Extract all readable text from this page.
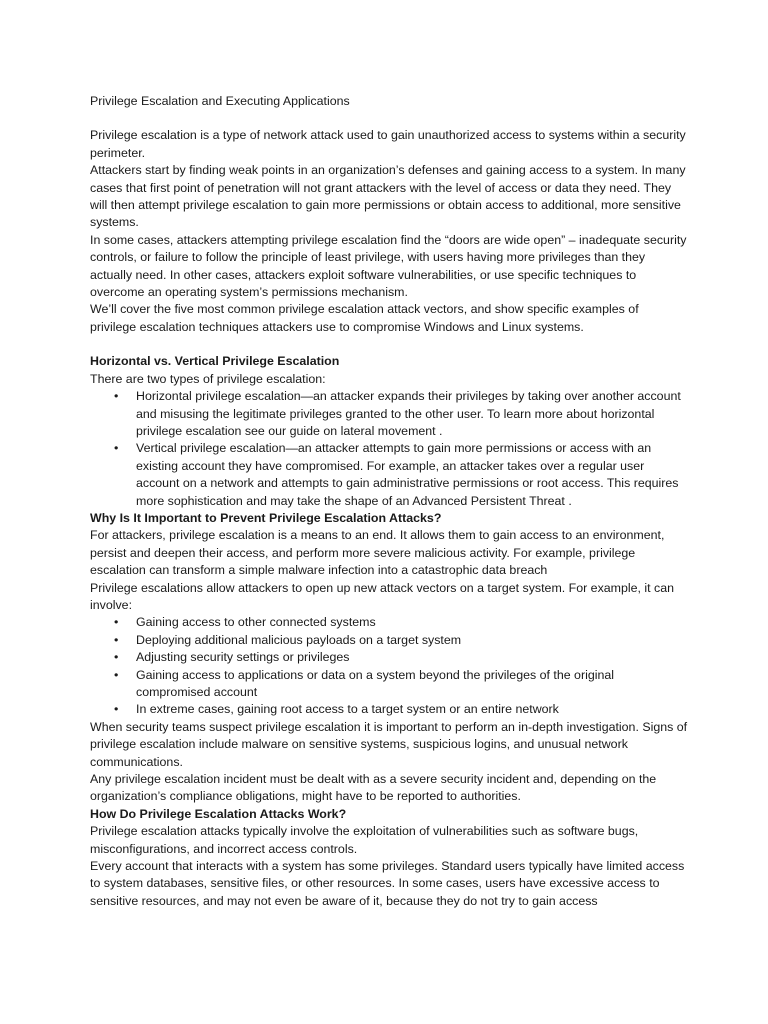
Privilege Escalation and Executing Applications

Privilege escalation is a type of network attack used to gain unauthorized access to systems within a security perimeter.

Attackers start by finding weak points in an organization’s defenses and gaining access to a system. In many cases that first point of penetration will not grant attackers with the level of access or data they need. They will then attempt privilege escalation to gain more permissions or obtain access to additional, more sensitive systems.

In some cases, attackers attempting privilege escalation find the “doors are wide open” – inadequate security controls, or failure to follow the principle of least privilege, with users having more privileges than they actually need. In other cases, attackers exploit software vulnerabilities, or use specific techniques to overcome an operating system’s permissions mechanism.

We’ll cover the five most common privilege escalation attack vectors, and show specific examples of privilege escalation techniques attackers use to compromise Windows and Linux systems.

Horizontal vs. Vertical Privilege Escalation

There are two types of privilege escalation:

• Horizontal privilege escalation—an attacker expands their privileges by taking over another account and misusing the legitimate privileges granted to the other user. To learn more about horizontal privilege escalation see our guide on lateral movement .
• Vertical privilege escalation—an attacker attempts to gain more permissions or access with an existing account they have compromised. For example, an attacker takes over a regular user account on a network and attempts to gain administrative permissions or root access. This requires more sophistication and may take the shape of an Advanced Persistent Threat .
Why Is It Important to Prevent Privilege Escalation Attacks?

For attackers, privilege escalation is a means to an end. It allows them to gain access to an environment, persist and deepen their access, and perform more severe malicious activity. For example, privilege escalation can transform a simple malware infection into a catastrophic data breach

Privilege escalations allow attackers to open up new attack vectors on a target system. For example, it can involve:

• Gaining access to other connected systems
• Deploying additional malicious payloads on a target system
• Adjusting security settings or privileges
• Gaining access to applications or data on a system beyond the privileges of the original compromised account
• In extreme cases, gaining root access to a target system or an entire network

When security teams suspect privilege escalation it is important to perform an in-depth investigation. Signs of privilege escalation include malware on sensitive systems, suspicious logins, and unusual network communications.

Any privilege escalation incident must be dealt with as a severe security incident and, depending on the organization’s compliance obligations, might have to be reported to authorities.

How Do Privilege Escalation Attacks Work?

Privilege escalation attacks typically involve the exploitation of vulnerabilities such as software bugs, misconfigurations, and incorrect access controls.

Every account that interacts with a system has some privileges. Standard users typically have limited access to system databases, sensitive files, or other resources. In some cases, users have excessive access to sensitive resources, and may not even be aware of it, because they do not try to gain access
